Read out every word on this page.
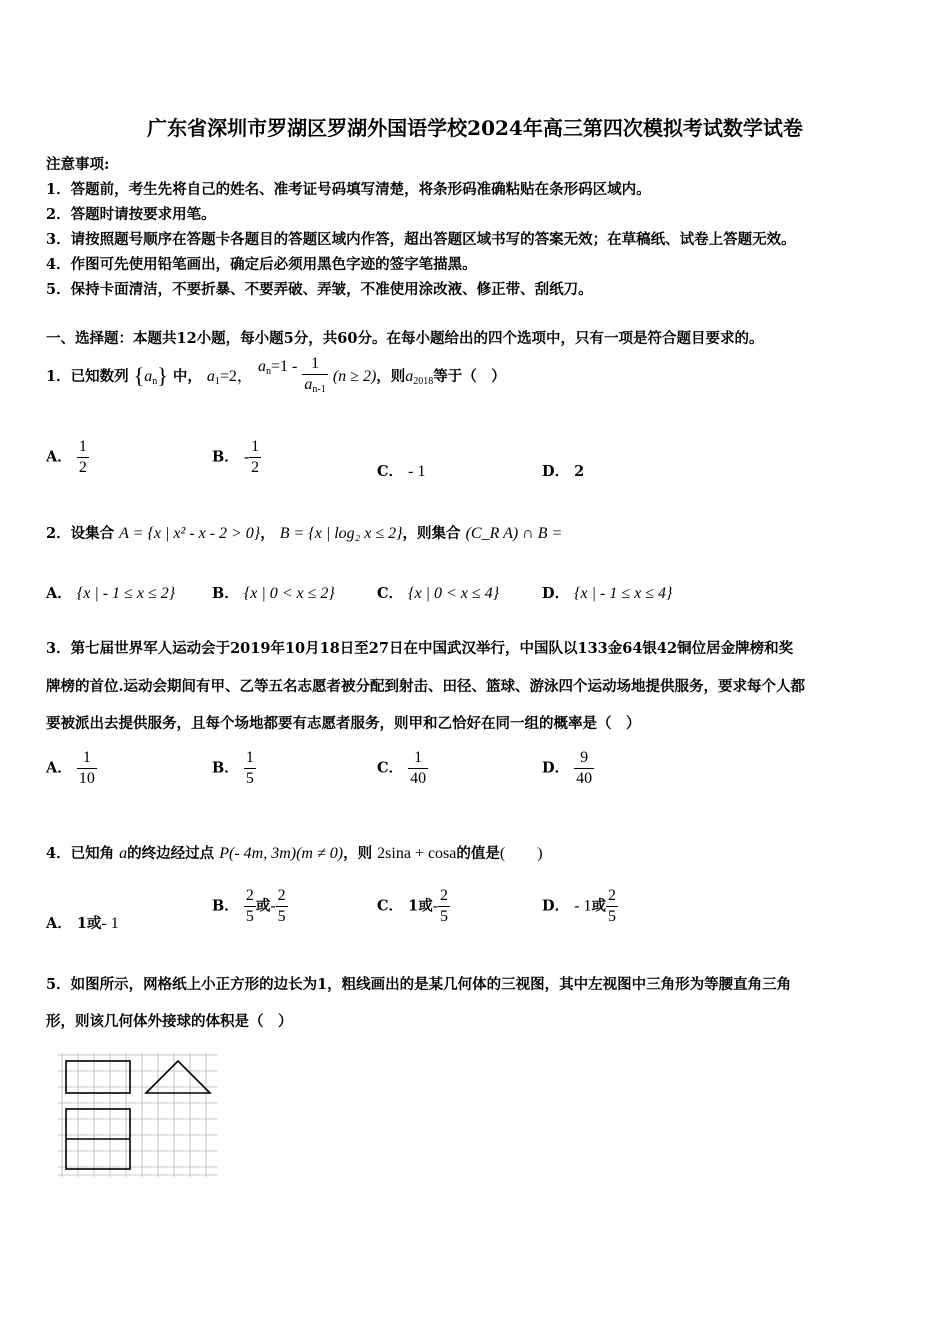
广东省深圳市罗湖区罗湖外国语学校2024年高三第四次模拟考试数学试卷
注意事项:
1．答题前，考生先将自己的姓名、准考证号码填写清楚，将条形码准确粘贴在条形码区域内。
2．答题时请按要求用笔。
3．请按照题号顺序在答题卡各题目的答题区域内作答，超出答题区域书写的答案无效；在草稿纸、试卷上答题无效。
4．作图可先使用铅笔画出，确定后必须用黑色字迹的签字笔描黑。
5．保持卡面清洁，不要折暴、不要弄破、弄皱，不准使用涂改液、修正带、刮纸刀。
一、选择题：本题共12小题，每小题5分，共60分。在每小题给出的四个选项中，只有一项是符合题目要求的。
1．已知数列 $\{a_n\}$ 中， $a_1=2$， $a^n=1 - \frac{1}{a_{n-1}} (n \ge 2)$，则$a_{2018}$等于（　）
A． $\frac{1}{2}$	B． - $\frac{1}{2}$	C． - 1	D． 2
2．设集合 A = {x | x² - x - 2 > 0}， B = {x | log₂ x ≤ 2}，则集合 (C_R A) ∩ B =
A． {x | - 1 ≤ x ≤ 2}	B． {x | 0 < x ≤ 2}	C． {x | 0 < x ≤ 4}	D． {x | - 1 ≤ x ≤ 4}
3．第七届世界军人运动会于2019年10月18日至27日在中国武汉举行，中国队以133金64银42铜位居金牌榜和奖
牌榜的首位.运动会期间有甲、乙等五名志愿者被分配到射击、田径、篮球、游泳四个运动场地提供服务，要求每个人都
要被派出去提供服务，且每个场地都要有志愿者服务，则甲和乙恰好在同一组的概率是（　）
A． $\frac{1}{10}$	B． $\frac{1}{5}$	C． $\frac{1}{40}$	D． $\frac{9}{40}$
4．已知角 a的终边经过点 P(- 4m, 3m)(m ≠ 0)，则 2sina + cosa的值是(　　)
A． 1或- 1
B． $\frac{2}{5}$ 或- $\frac{2}{5}$	C． 1或- $\frac{2}{5}$	D． - 1或 $\frac{2}{5}$
5．如图所示，网格纸上小正方形的边长为1，粗线画出的是某几何体的三视图，其中左视图中三角形为等腰直角三角
形，则该几何体外接球的体积是（　）
